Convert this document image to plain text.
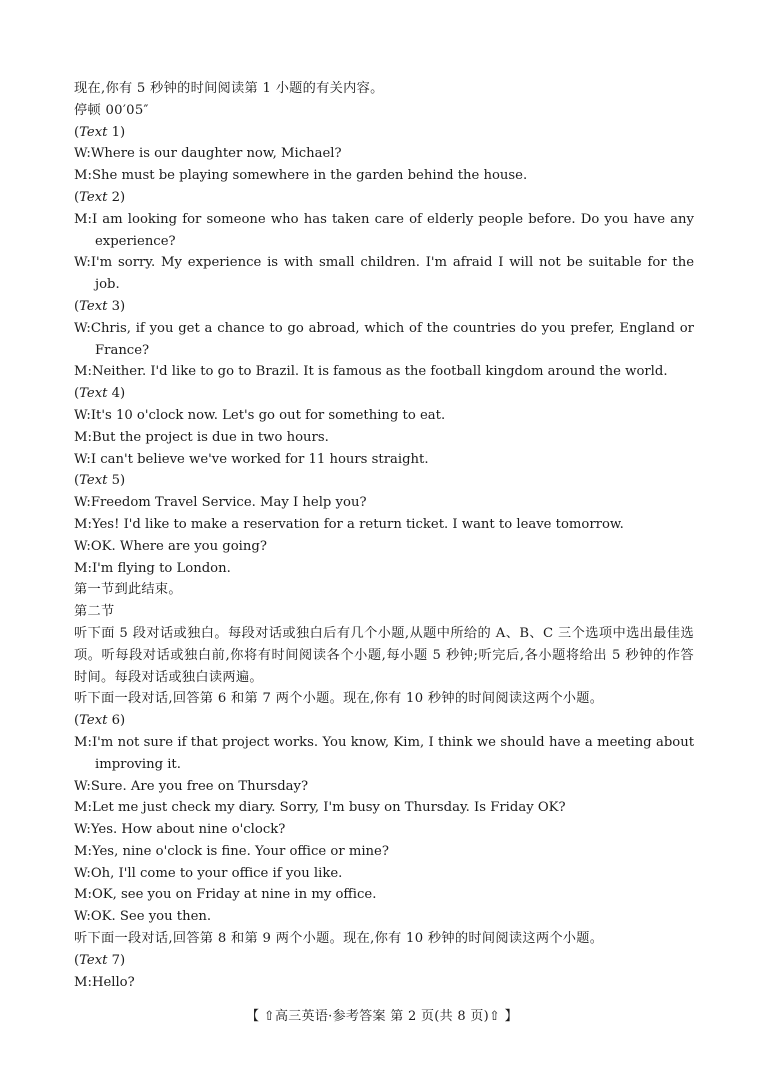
现在,你有 5 秒钟的时间阅读第 1 小题的有关内容。
停顿 00′05″
(Text 1)
W:Where is our daughter now, Michael?
M:She must be playing somewhere in the garden behind the house.
(Text 2)
M:I am looking for someone who has taken care of elderly people before. Do you have any experience?
W:I'm sorry. My experience is with small children. I'm afraid I will not be suitable for the job.
(Text 3)
W:Chris, if you get a chance to go abroad, which of the countries do you prefer, England or France?
M:Neither. I'd like to go to Brazil. It is famous as the football kingdom around the world.
(Text 4)
W:It's 10 o'clock now. Let's go out for something to eat.
M:But the project is due in two hours.
W:I can't believe we've worked for 11 hours straight.
(Text 5)
W:Freedom Travel Service. May I help you?
M:Yes! I'd like to make a reservation for a return ticket. I want to leave tomorrow.
W:OK. Where are you going?
M:I'm flying to London.
第一节到此结束。
第二节
听下面 5 段对话或独白。每段对话或独白后有几个小题,从题中所给的 A、B、C 三个选项中选出最佳选项。听每段对话或独白前,你将有时间阅读各个小题,每小题 5 秒钟;听完后,各小题将给出 5 秒钟的作答时间。每段对话或独白读两遍。
听下面一段对话,回答第 6 和第 7 两个小题。现在,你有 10 秒钟的时间阅读这两个小题。
(Text 6)
M:I'm not sure if that project works. You know, Kim, I think we should have a meeting about improving it.
W:Sure. Are you free on Thursday?
M:Let me just check my diary. Sorry, I'm busy on Thursday. Is Friday OK?
W:Yes. How about nine o'clock?
M:Yes, nine o'clock is fine. Your office or mine?
W:Oh, I'll come to your office if you like.
M:OK, see you on Friday at nine in my office.
W:OK. See you then.
听下面一段对话,回答第 8 和第 9 两个小题。现在,你有 10 秒钟的时间阅读这两个小题。
(Text 7)
M:Hello?
【 ⇧高三英语·参考答案 第 2 页(共 8 页)⇧ 】
